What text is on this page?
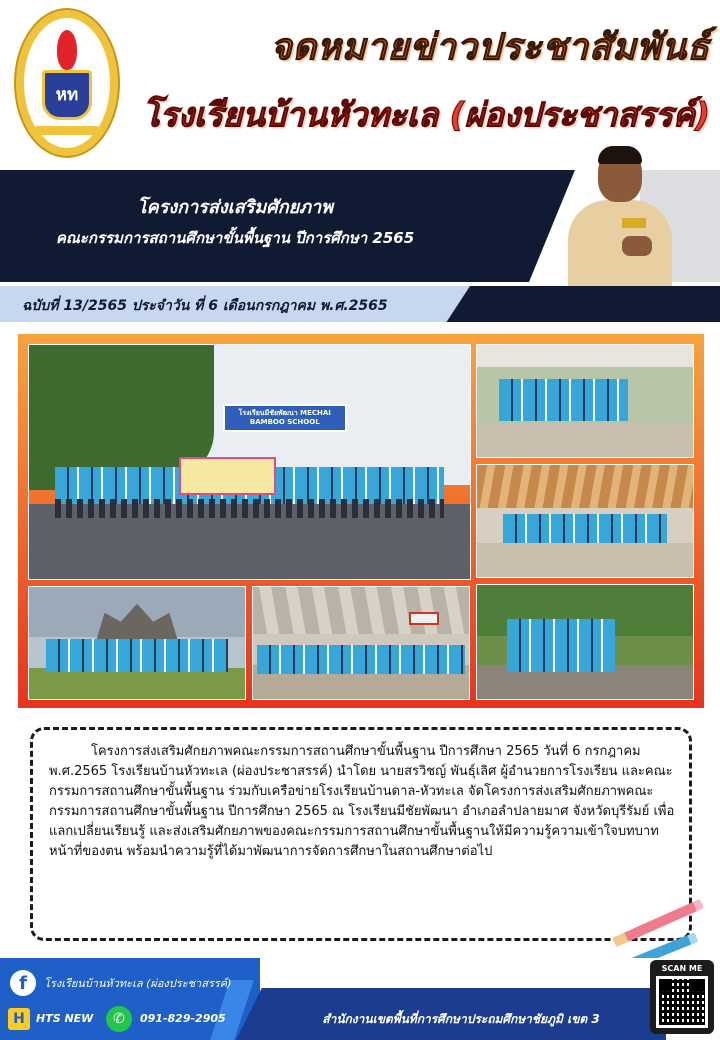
หท
จดหมายข่าวประชาสัมพันธ์
โรงเรียนบ้านหัวทะเล (ผ่องประชาสรรค์)
โครงการส่งเสริมศักยภาพ
คณะกรรมการสถานศึกษาขั้นพื้นฐาน ปีการศึกษา 2565
ฉบับที่ 13/2565 ประจำวัน ที่ 6 เดือนกรกฎาคม พ.ศ.2565
โรงเรียนมีชัยพัฒนา MECHAI BAMBOO SCHOOL

โครงการส่งเสริมศักยภาพคณะกรรมการสถานศึกษาขั้นพื้นฐาน ปีการศึกษา 2565 วันที่ 6 กรกฎาคม พ.ศ.2565 โรงเรียนบ้านหัวทะเล (ผ่องประชาสรรค์) นำโดย นายสรวิชญ์ พันธุ์เลิศ ผู้อำนวยการโรงเรียน และคณะกรรมการสถานศึกษาขั้นพื้นฐาน ร่วมกับเครือข่ายโรงเรียนบ้านดาล-หัวทะเล จัดโครงการส่งเสริมศักยภาพคณะกรรมการสถานศึกษาขั้นพื้นฐาน ปีการศึกษา 2565 ณ โรงเรียนมีชัยพัฒนา อำเภอลำปลายมาศ จังหวัดบุรีรัมย์ เพื่อแลกเปลี่ยนเรียนรู้ และส่งเสริมศักยภาพของคณะกรรมการสถานศึกษาขั้นพื้นฐานให้มีความรู้ความเข้าใจบทบาทหน้าที่ของตน พร้อมนำความรู้ที่ได้มาพัฒนาการจัดการศึกษาในสถานศึกษาต่อไป

f	โรงเรียนบ้านหัวทะเล (ผ่องประชาสรรค์)
H	HTS NEW	✆	091-829-2905	สำนักงานเขตพื้นที่การศึกษาประถมศึกษาชัยภูมิ เขต 3
SCAN ME
